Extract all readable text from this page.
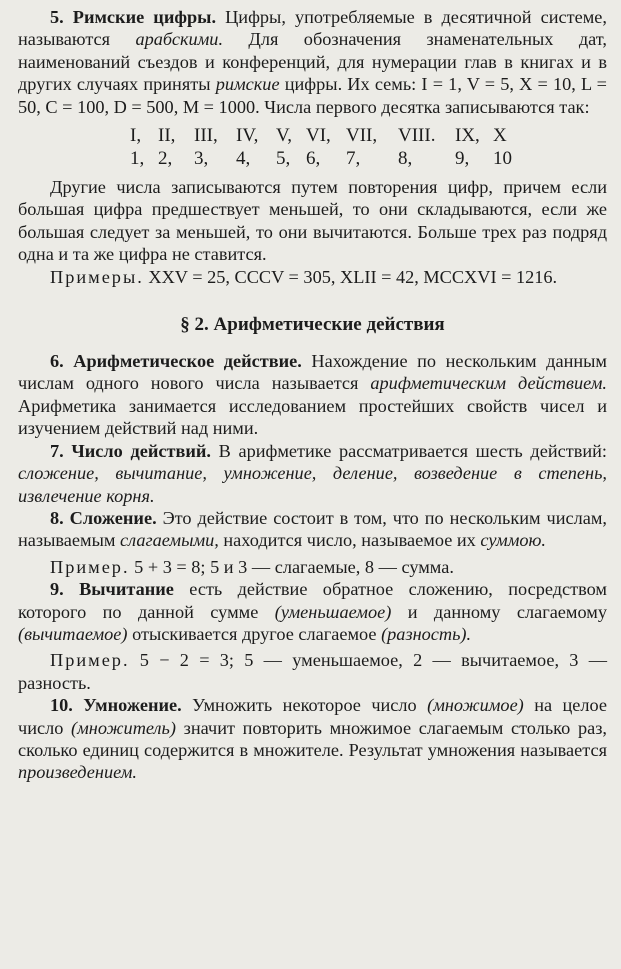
5. Римские цифры. Цифры, употребляемые в десятичной системе, называются арабскими. Для обозначения знаменательных дат, наименований съездов и конференций, для нумерации глав в книгах и в других случаях приняты римские цифры. Их семь: I = 1, V = 5, X = 10, L = 50, C = 100, D = 500, M = 1000. Числа первого десятка записываются так:

I, II, III, IV, V, VI, VII,	VIII.	IX, X
1, 2,	3,	4,	5, 6,	7,	8,	9,	10

Другие числа записываются путем повторения цифр, причем если большая цифра предшествует меньшей, то они складываются, если же большая следует за меньшей, то они вычитаются. Больше трех раз подряд одна и та же цифра не ставится.

Примеры. XXV = 25, CCCV = 305, XLII = 42, MCCXVI = 1216.

§ 2. Арифметические действия

6. Арифметическое действие. Нахождение по нескольким данным числам одного нового числа называется арифметическим действием. Арифметика занимается исследованием простейших свойств чисел и изучением действий над ними.

7. Число действий. В арифметике рассматривается шесть действий: сложение, вычитание, умножение, деление, возведение в степень, извлечение корня.

8. Сложение. Это действие состоит в том, что по нескольким числам, называемым слагаемыми, находится число, называемое их суммою.

Пример. 5 + 3 = 8; 5 и 3 — слагаемые, 8 — сумма.

9. Вычитание есть действие обратное сложению, посредством которого по данной сумме (уменьшаемое) и данному слагаемому (вычитаемое) отыскивается другое слагаемое (разность).

Пример. 5 − 2 = 3; 5 — уменьшаемое, 2 — вычитаемое, 3 — разность.

10. Умножение. Умножить некоторое число (множимое) на целое число (множитель) значит повторить множимое слагаемым столько раз, сколько единиц содержится в множителе. Результат умножения называется произведением.
